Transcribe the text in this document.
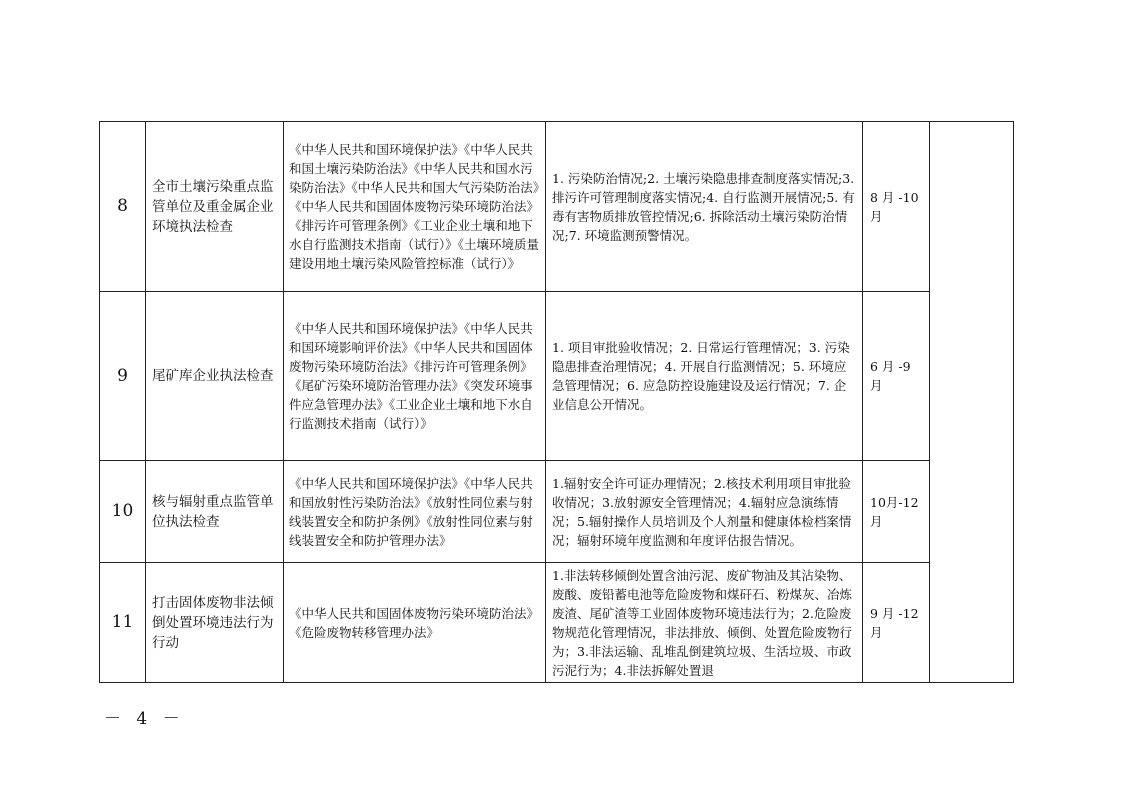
8	全市土壤污染重点监管单位及重金属企业环境执法检查	《中华人民共和国环境保护法》《中华人民共和国土壤污染防治法》《中华人民共和国水污染防治法》《中华人民共和国大气污染防治法》《中华人民共和国固体废物污染环境防治法》《排污许可管理条例》《工业企业土壤和地下水自行监测技术指南（试行）》《土壤环境质量建设用地土壤污染风险管控标准（试行）》	1. 污染防治情况;2. 土壤污染隐患排查制度落实情况;3. 排污许可管理制度落实情况;4. 自行监测开展情况;5. 有毒有害物质排放管控情况;6. 拆除活动土壤污染防治情况;7. 环境监测预警情况。	8 月 -10 月	
9	尾矿库企业执法检查	《中华人民共和国环境保护法》《中华人民共和国环境影响评价法》《中华人民共和国固体废物污染环境防治法》《排污许可管理条例》《尾矿污染环境防治管理办法》《突发环境事件应急管理办法》《工业企业土壤和地下水自行监测技术指南（试行）》	1. 项目审批验收情况；2. 日常运行管理情况；3. 污染隐患排查治理情况；4. 开展自行监测情况；5. 环境应急管理情况；6. 应急防控设施建设及运行情况；7. 企业信息公开情况。	6 月 -9 月	
10	核与辐射重点监管单位执法检查	《中华人民共和国环境保护法》《中华人民共和国放射性污染防治法》《放射性同位素与射线装置安全和防护条例》《放射性同位素与射线装置安全和防护管理办法》	1.辐射安全许可证办理情况；2.核技术利用项目审批验收情况；3.放射源安全管理情况；4.辐射应急演练情况；5.辐射操作人员培训及个人剂量和健康体检档案情况；辐射环境年度监测和年度评估报告情况。	10月-12月	
11	打击固体废物非法倾倒处置环境违法行为行动	《中华人民共和国固体废物污染环境防治法》《危险废物转移管理办法》	1.非法转移倾倒处置含油污泥、废矿物油及其沾染物、废酸、废铅蓄电池等危险废物和煤矸石、粉煤灰、冶炼废渣、尾矿渣等工业固体废物环境违法行为；2.危险废物规范化管理情况，非法排放、倾倒、处置危险废物行为；3.非法运输、乱堆乱倒建筑垃圾、生活垃圾、市政污泥行为；4.非法拆解处置退	9 月 -12 月	
－ 4 －
